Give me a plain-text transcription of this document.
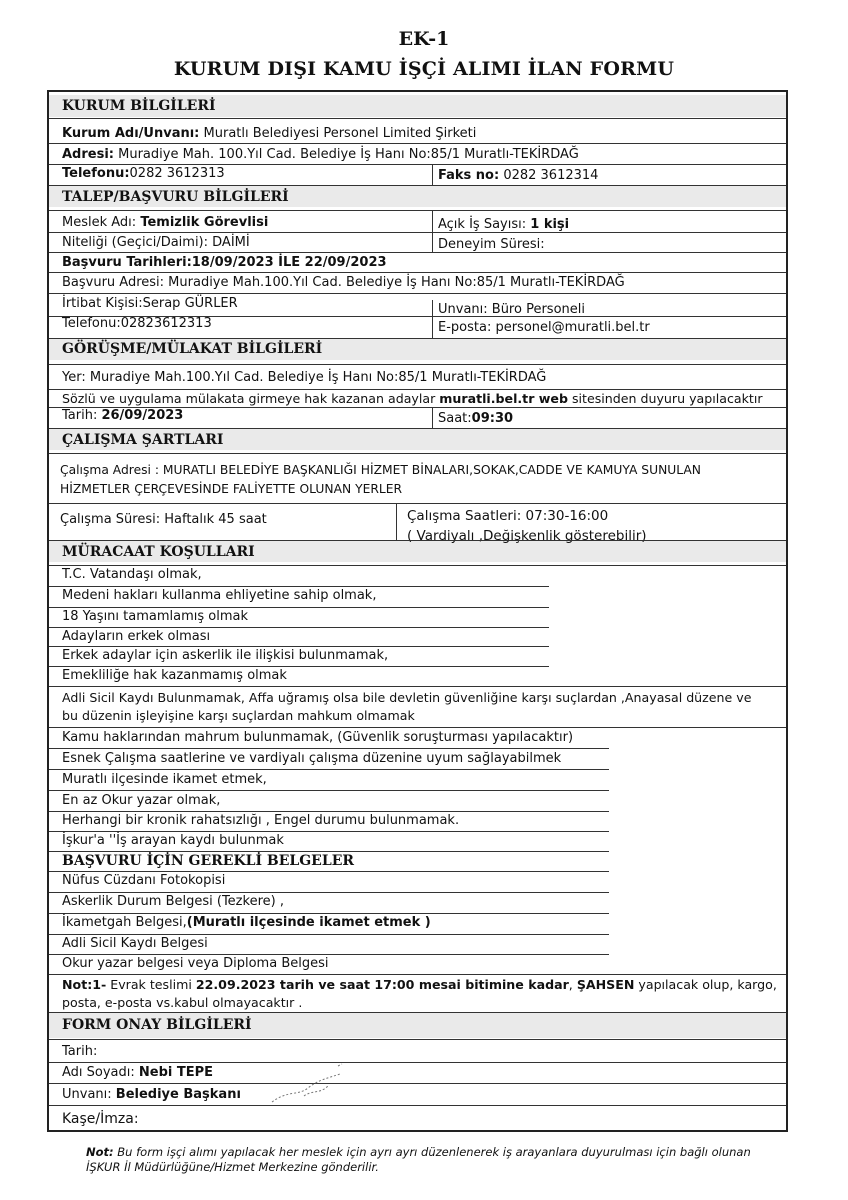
EK-1
KURUM DIŞI KAMU İŞÇİ ALIMI İLAN FORMU
KURUM BİLGİLERİ
Kurum Adı/Unvanı: Muratlı Belediyesi Personel Limited Şirketi
Adresi: Muradiye Mah. 100.Yıl Cad. Belediye İş Hanı No:85/1 Muratlı-TEKİRDAĞ
Telefonu:0282 3612313	Faks no: 0282 3612314
TALEP/BAŞVURU BİLGİLERİ
Meslek Adı: Temizlik Görevlisi	Açık İş Sayısı: 1 kişi
Niteliği (Geçici/Daimi): DAİMİ	Deneyim Süresi:
Başvuru Tarihleri:18/09/2023 İLE 22/09/2023
Başvuru Adresi: Muradiye Mah.100.Yıl Cad. Belediye İş Hanı No:85/1 Muratlı-TEKİRDAĞ
İrtibat Kişisi:Serap GÜRLER	Unvanı: Büro Personeli
Telefonu:02823612313	E-posta: personel@muratli.bel.tr
GÖRÜŞME/MÜLAKAT BİLGİLERİ
Yer: Muradiye Mah.100.Yıl Cad. Belediye İş Hanı No:85/1 Muratlı-TEKİRDAĞ
Sözlü ve uygulama mülakata girmeye hak kazanan adaylar muratli.bel.tr web sitesinden duyuru yapılacaktır
Tarih: 26/09/2023	Saat:09:30
ÇALIŞMA ŞARTLARI
Çalışma Adresi : MURATLI BELEDİYE BAŞKANLIĞI HİZMET BİNALARI,SOKAK,CADDE VE KAMUYA SUNULAN
HİZMETLER ÇERÇEVESİNDE FALİYETTE OLUNAN YERLER
Çalışma Süresi: Haftalık 45 saat	Çalışma Saatleri: 07:30-16:00
( Vardiyalı ,Değişkenlik gösterebilir)
MÜRACAAT KOŞULLARI
T.C. Vatandaşı olmak,
Medeni hakları kullanma ehliyetine sahip olmak,
18 Yaşını tamamlamış olmak
Adayların erkek olması
Erkek adaylar için askerlik ile ilişkisi bulunmamak,
Emekliliğe hak kazanmamış olmak
Adli Sicil Kaydı Bulunmamak, Affa uğramış olsa bile devletin güvenliğine karşı suçlardan ,Anayasal düzene ve
bu düzenin işleyişine karşı suçlardan mahkum olmamak
Kamu haklarından mahrum bulunmamak, (Güvenlik soruşturması yapılacaktır)
Esnek Çalışma saatlerine ve vardiyalı çalışma düzenine uyum sağlayabilmek
Muratlı ilçesinde ikamet etmek,
En az Okur yazar olmak,
Herhangi bir kronik rahatsızlığı , Engel durumu bulunmamak.
İşkur'a ''İş arayan kaydı bulunmak
BAŞVURU İÇİN GEREKLİ BELGELER
Nüfus Cüzdanı Fotokopisi
Askerlik Durum Belgesi (Tezkere) ,
İkametgah Belgesi,(Muratlı ilçesinde ikamet etmek )
Adli Sicil Kaydı Belgesi
Okur yazar belgesi veya Diploma Belgesi
Not:1- Evrak teslimi 22.09.2023 tarih ve saat 17:00 mesai bitimine kadar, ŞAHSEN yapılacak olup, kargo,
posta, e-posta vs.kabul olmayacaktır .
FORM ONAY BİLGİLERİ
Tarih:
Adı Soyadı: Nebi TEPE
Unvanı: Belediye Başkanı
Kaşe/İmza:
Not: Bu form işçi alımı yapılacak her meslek için ayrı ayrı düzenlenerek iş arayanlara duyurulması için bağlı olunan İŞKUR İl Müdürlüğüne/Hizmet Merkezine gönderilir.
